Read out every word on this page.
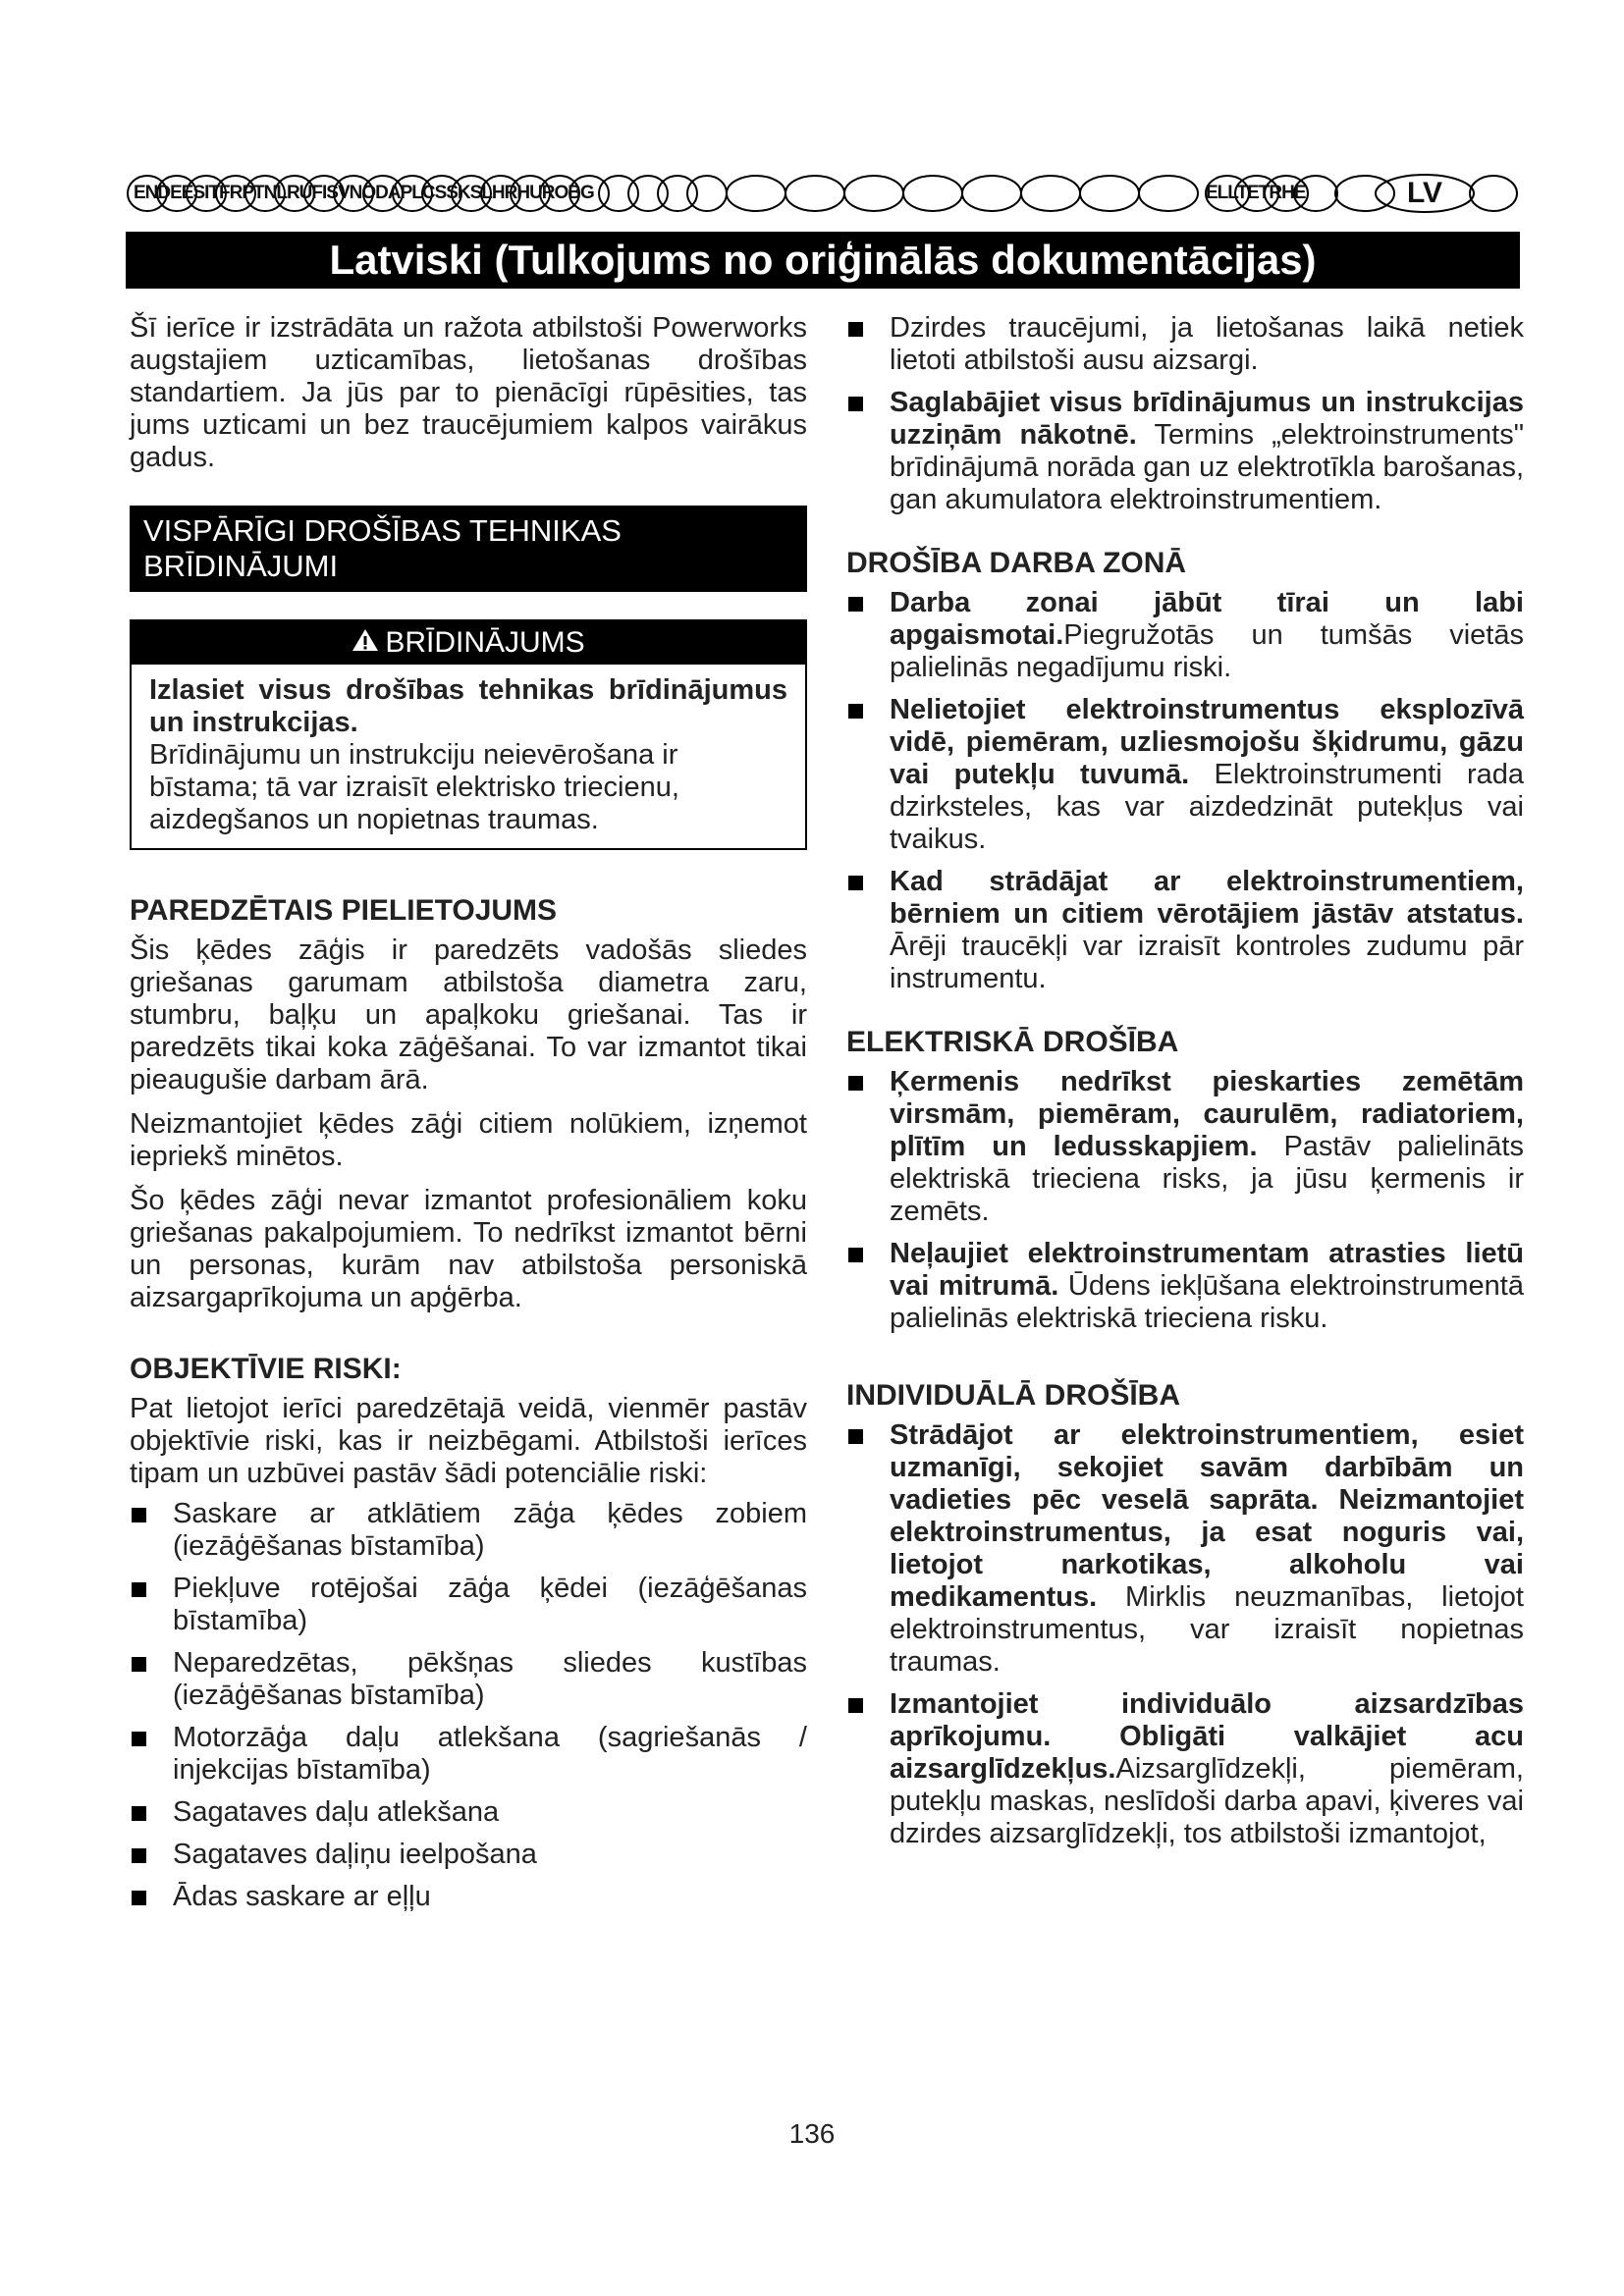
ENDEESITFRPTNLRUFISVNODAPLCSSKSLHRHUROBG	ELLTETRHE	LV
Latviski (Tulkojums no oriģinālās dokumentācijas)

Šī ierīce ir izstrādāta un ražota atbilstoši Powerworks augstajiem uzticamības, lietošanas drošības standartiem. Ja jūs par to pienācīgi rūpēsities, tas jums uzticami un bez traucējumiem kalpos vairākus gadus.

VISPĀRĪGI DROŠĪBAS TEHNIKAS
BRĪDINĀJUMI
BRĪDINĀJUMS

Izlasiet visus drošības tehnikas brīdinājumus un instrukcijas.

Brīdinājumu un instrukciju neievērošana ir bīstama; tā var izraisīt elektrisko triecienu, aizdegšanos un nopietnas traumas.

PAREDZĒTAIS PIELIETOJUMS

Šis ķēdes zāģis ir paredzēts vadošās sliedes griešanas garumam atbilstoša diametra zaru, stumbru, baļķu un apaļkoku griešanai. Tas ir paredzēts tikai koka zāģēšanai. To var izmantot tikai pieaugušie darbam ārā.

Neizmantojiet ķēdes zāģi citiem nolūkiem, izņemot iepriekš minētos.

Šo ķēdes zāģi nevar izmantot profesionāliem koku griešanas pakalpojumiem. To nedrīkst izmantot bērni un personas, kurām nav atbilstoša personiskā aizsargaprīkojuma un apģērba.

OBJEKTĪVIE RISKI:

Pat lietojot ierīci paredzētajā veidā, vienmēr pastāv objektīvie riski, kas ir neizbēgami. Atbilstoši ierīces tipam un uzbūvei pastāv šādi potenciālie riski:

Saskare ar atklātiem zāģa ķēdes zobiem (iezāģēšanas bīstamība)
Piekļuve rotējošai zāģa ķēdei (iezāģēšanas bīstamība)
Neparedzētas, pēkšņas sliedes kustības (iezāģēšanas bīstamība)
Motorzāģa daļu atlekšana (sagriešanās / injekcijas bīstamība)
Sagataves daļu atlekšana
Sagataves daļiņu ieelpošana
Ādas saskare ar eļļu
Dzirdes traucējumi, ja lietošanas laikā netiek lietoti atbilstoši ausu aizsargi.
Saglabājiet visus brīdinājumus un instrukcijas uzziņām nākotnē. Termins „elektroinstruments" brīdinājumā norāda gan uz elektrotīkla barošanas, gan akumulatora elektroinstrumentiem.
DROŠĪBA DARBA ZONĀ
Darba zonai jābūt tīrai un labi apgaismotai.Piegružotās un tumšās vietās palielinās negadījumu riski.
Nelietojiet elektroinstrumentus eksplozīvā vidē, piemēram, uzliesmojošu šķidrumu, gāzu vai putekļu tuvumā. Elektroinstrumenti rada dzirksteles, kas var aizdedzināt putekļus vai tvaikus.
Kad strādājat ar elektroinstrumentiem, bērniem un citiem vērotājiem jāstāv atstatus. Ārēji traucēkļi var izraisīt kontroles zudumu pār instrumentu.
ELEKTRISKĀ DROŠĪBA
Ķermenis nedrīkst pieskarties zemētām virsmām, piemēram, caurulēm, radiatoriem, plītīm un ledusskapjiem. Pastāv palielināts elektriskā trieciena risks, ja jūsu ķermenis ir zemēts.
Neļaujiet elektroinstrumentam atrasties lietū vai mitrumā. Ūdens iekļūšana elektroinstrumentā palielinās elektriskā trieciena risku.
INDIVIDUĀLĀ DROŠĪBA
Strādājot ar elektroinstrumentiem, esiet uzmanīgi, sekojiet savām darbībām un vadieties pēc veselā saprāta. Neizmantojiet elektroinstrumentus, ja esat noguris vai, lietojot narkotikas, alkoholu vai medikamentus. Mirklis neuzmanības, lietojot elektroinstrumentus, var izraisīt nopietnas traumas.
Izmantojiet individuālo aizsardzības aprīkojumu. Obligāti valkājiet acu aizsarglīdzekļus.Aizsarglīdzekļi, piemēram, putekļu maskas, neslīdoši darba apavi, ķiveres vai dzirdes aizsarglīdzekļi, tos atbilstoši izmantojot,
136
